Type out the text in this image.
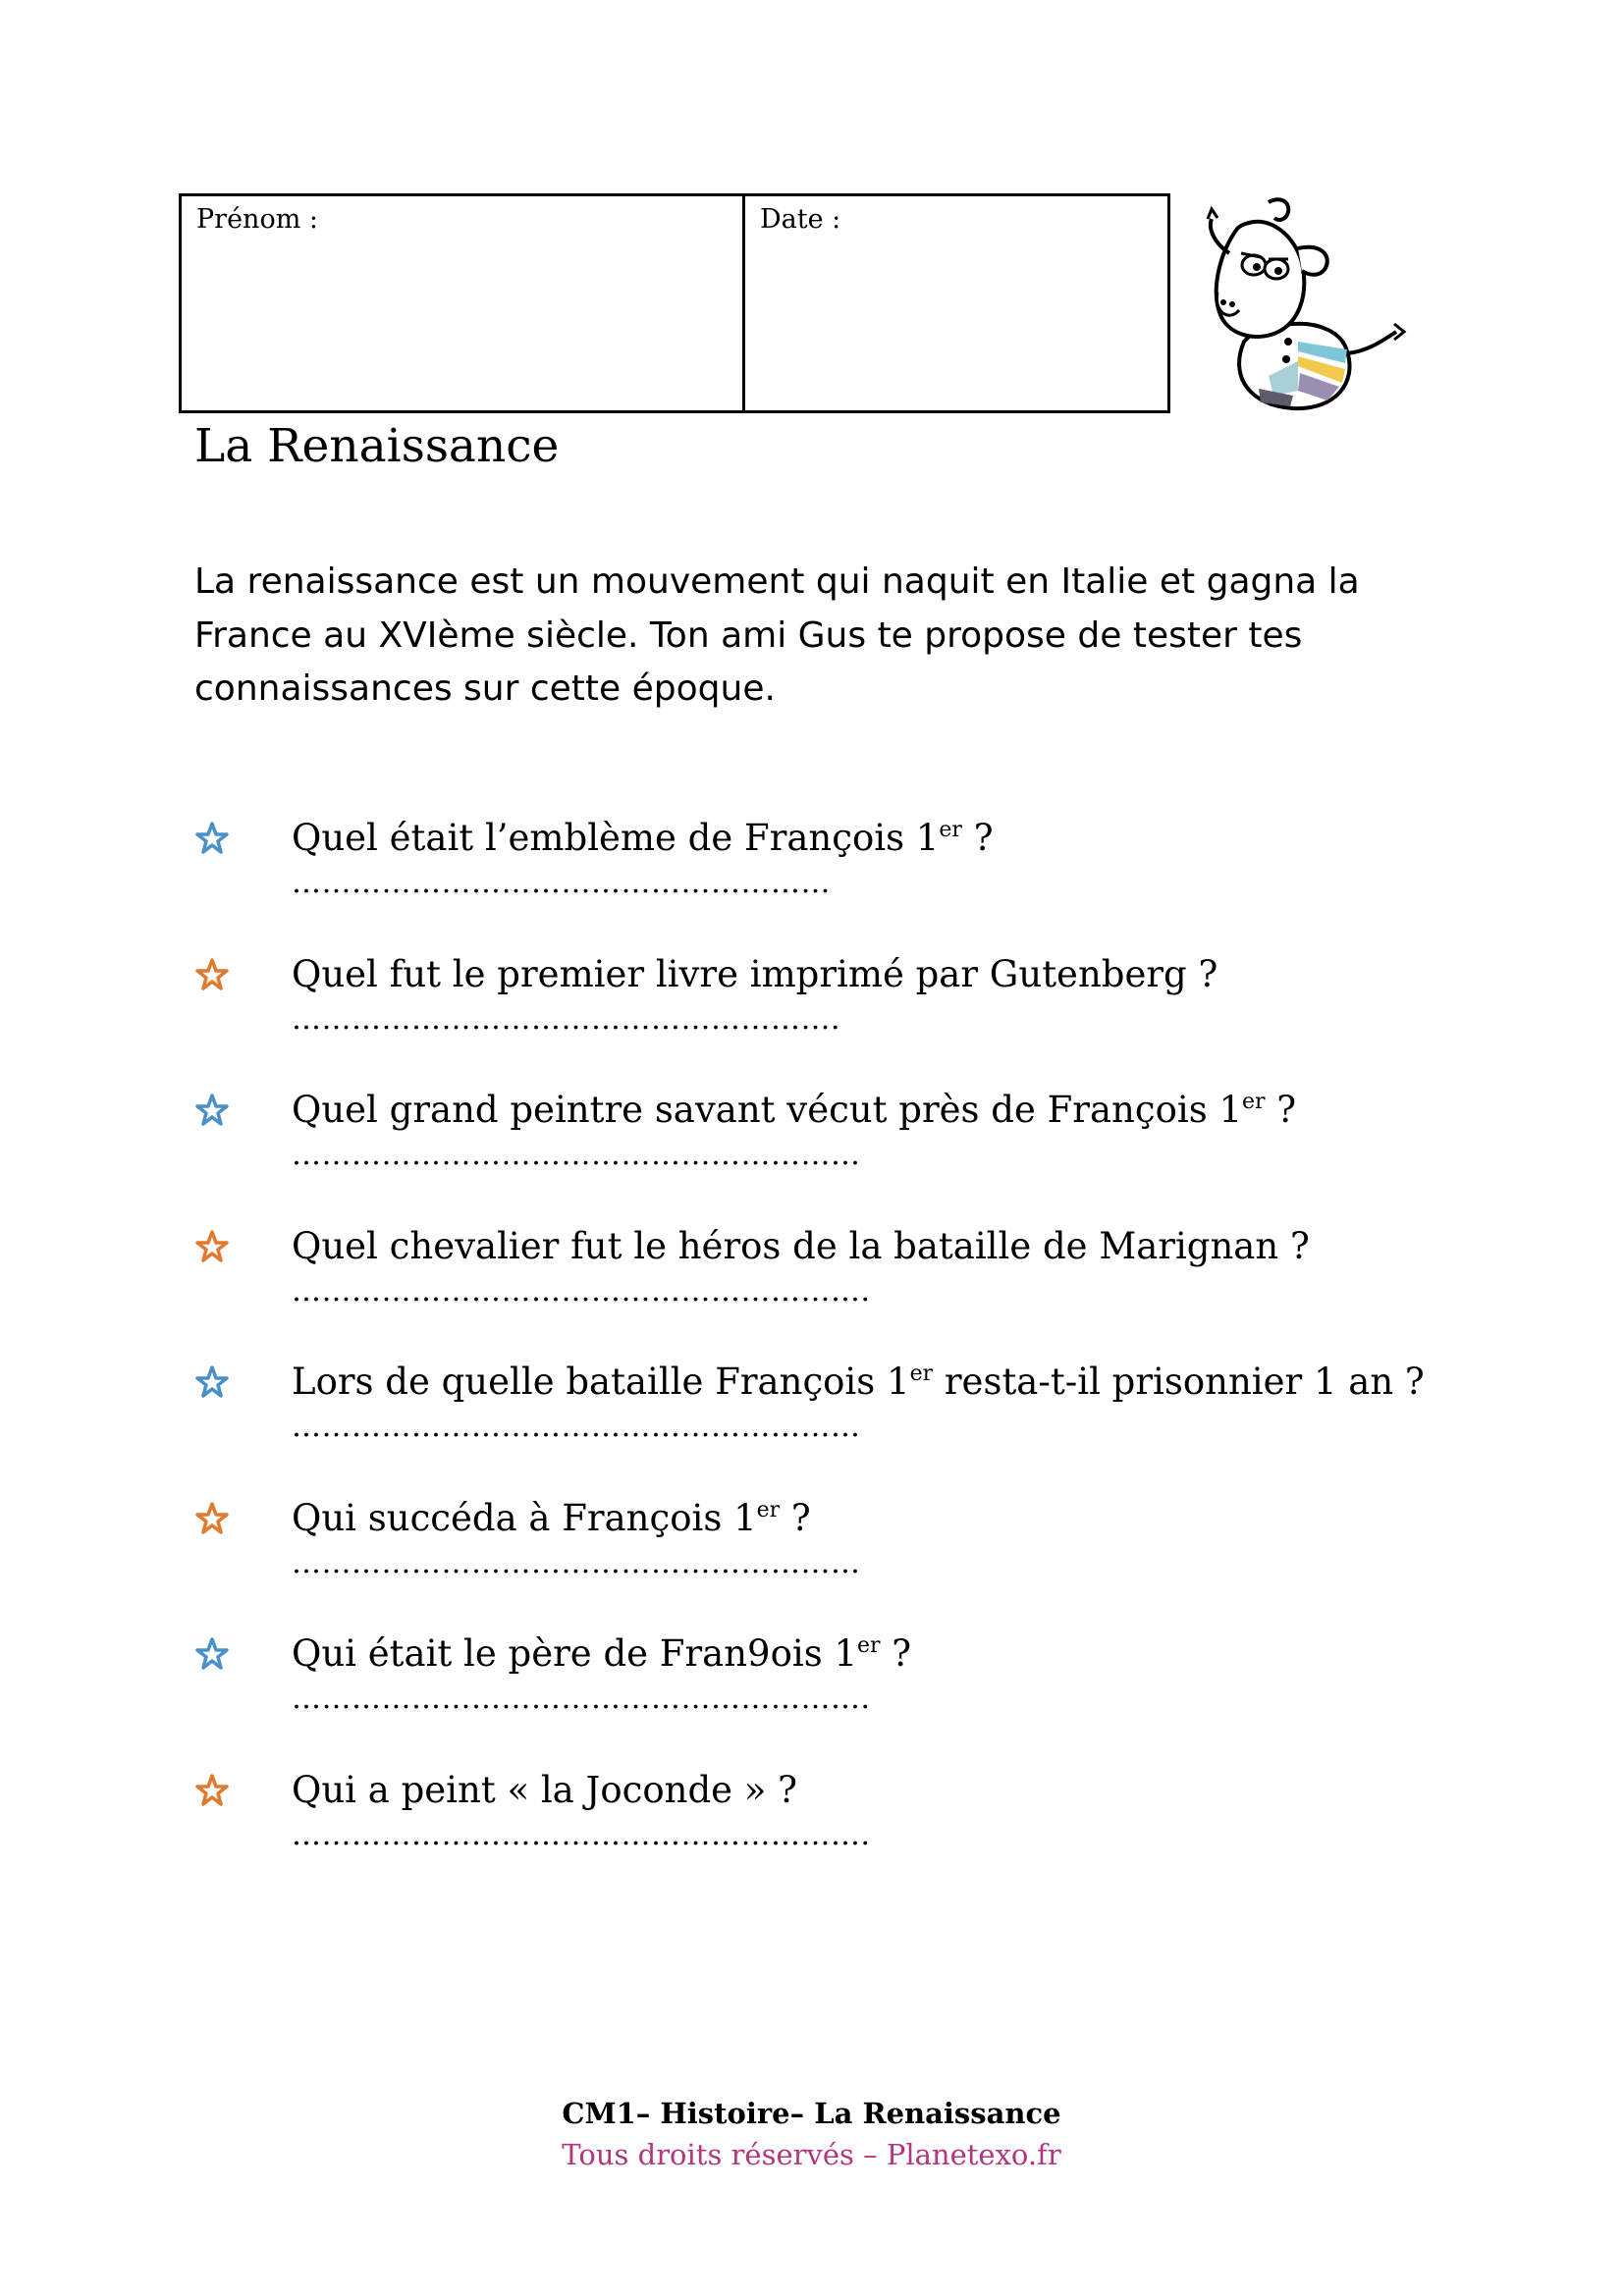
Prénom :	Date :
La Renaissance
La renaissance est un mouvement qui naquit en Italie et gagna la France au XVIème siècle. Ton ami Gus te propose de tester tes connaissances sur cette époque.
Quel était l’emblème de François 1er ?
………………………………………………
Quel fut le premier livre imprimé par Gutenberg ?
……………………………………………….
Quel grand peintre savant vécut près de François 1er ?
…………………………………………………
Quel chevalier fut le héros de la bataille de Marignan ?
………………………………………………….
Lors de quelle bataille François 1er resta-t-il prisonnier 1 an ?
…………………………………………………
Qui succéda à François 1er ?
…………………………………………………
Qui était le père de Fran9ois 1er ?
………………………………………………….
Qui a peint « la Joconde » ?
………………………………………………….
CM1– Histoire– La Renaissance
Tous droits réservés – Planetexo.fr
